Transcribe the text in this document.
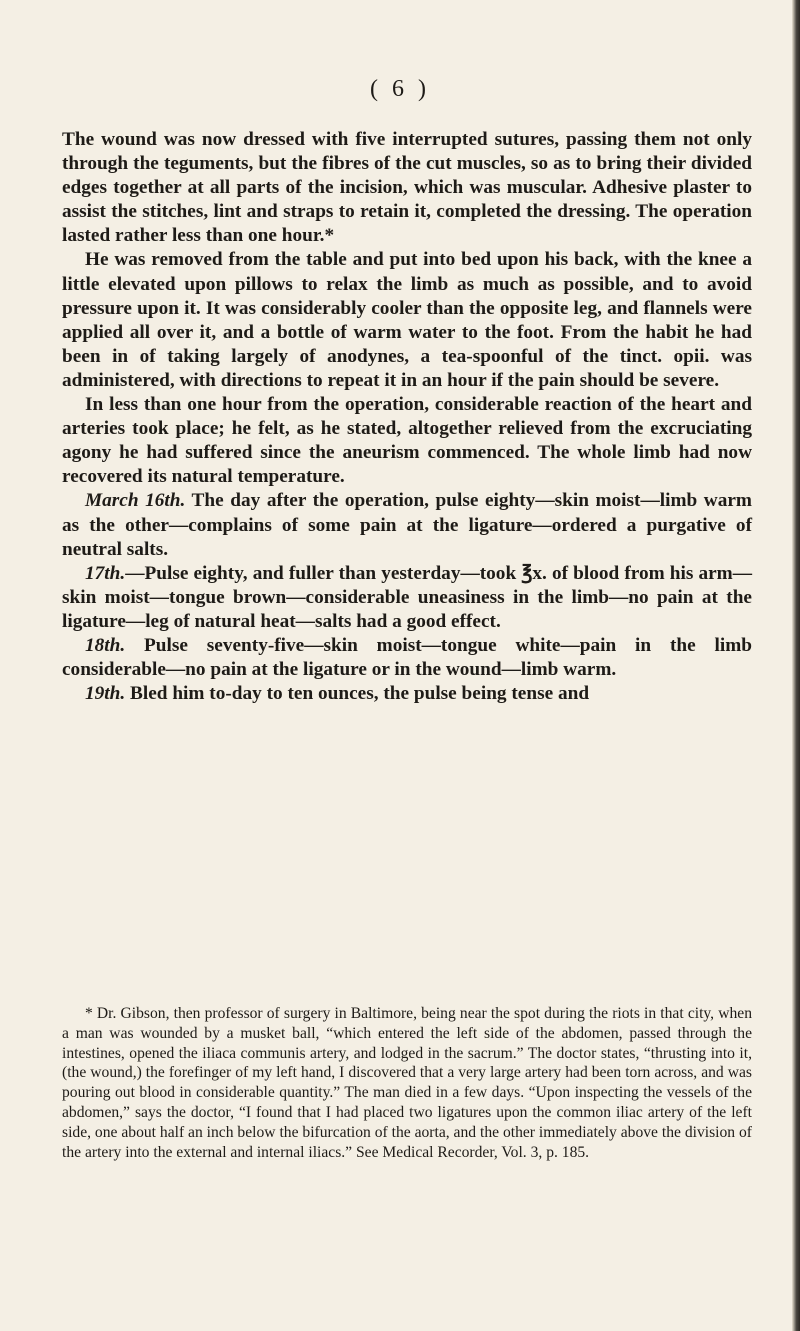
( 6 )

The wound was now dressed with five interrupted sutures, passing them not only through the teguments, but the fibres of the cut muscles, so as to bring their divided edges together at all parts of the incision, which was muscular. Adhesive plaster to assist the stitches, lint and straps to retain it, completed the dressing. The operation lasted rather less than one hour.*

He was removed from the table and put into bed upon his back, with the knee a little elevated upon pillows to relax the limb as much as possible, and to avoid pressure upon it. It was considerably cooler than the opposite leg, and flannels were applied all over it, and a bottle of warm water to the foot. From the habit he had been in of taking largely of anodynes, a tea-spoonful of the tinct. opii. was administered, with directions to repeat it in an hour if the pain should be severe.

In less than one hour from the operation, considerable reaction of the heart and arteries took place; he felt, as he stated, altogether relieved from the excruciating agony he had suffered since the aneurism commenced. The whole limb had now recovered its natural temperature.

March 16th. The day after the operation, pulse eighty—skin moist—limb warm as the other—complains of some pain at the ligature—ordered a purgative of neutral salts.

17th.—Pulse eighty, and fuller than yesterday—took ℥x. of blood from his arm—skin moist—tongue brown—considerable uneasiness in the limb—no pain at the ligature—leg of natural heat—salts had a good effect.

18th. Pulse seventy-five—skin moist—tongue white—pain in the limb considerable—no pain at the ligature or in the wound—limb warm.

19th. Bled him to-day to ten ounces, the pulse being tense and

* Dr. Gibson, then professor of surgery in Baltimore, being near the spot during the riots in that city, when a man was wounded by a musket ball, “which entered the left side of the abdomen, passed through the intestines, opened the iliaca communis artery, and lodged in the sacrum.” The doctor states, “thrusting into it, (the wound,) the forefinger of my left hand, I discovered that a very large artery had been torn across, and was pouring out blood in considerable quantity.” The man died in a few days. “Upon inspecting the vessels of the abdomen,” says the doctor, “I found that I had placed two ligatures upon the common iliac artery of the left side, one about half an inch below the bifurcation of the aorta, and the other immediately above the division of the artery into the external and internal iliacs.” See Medical Recorder, Vol. 3, p. 185.
